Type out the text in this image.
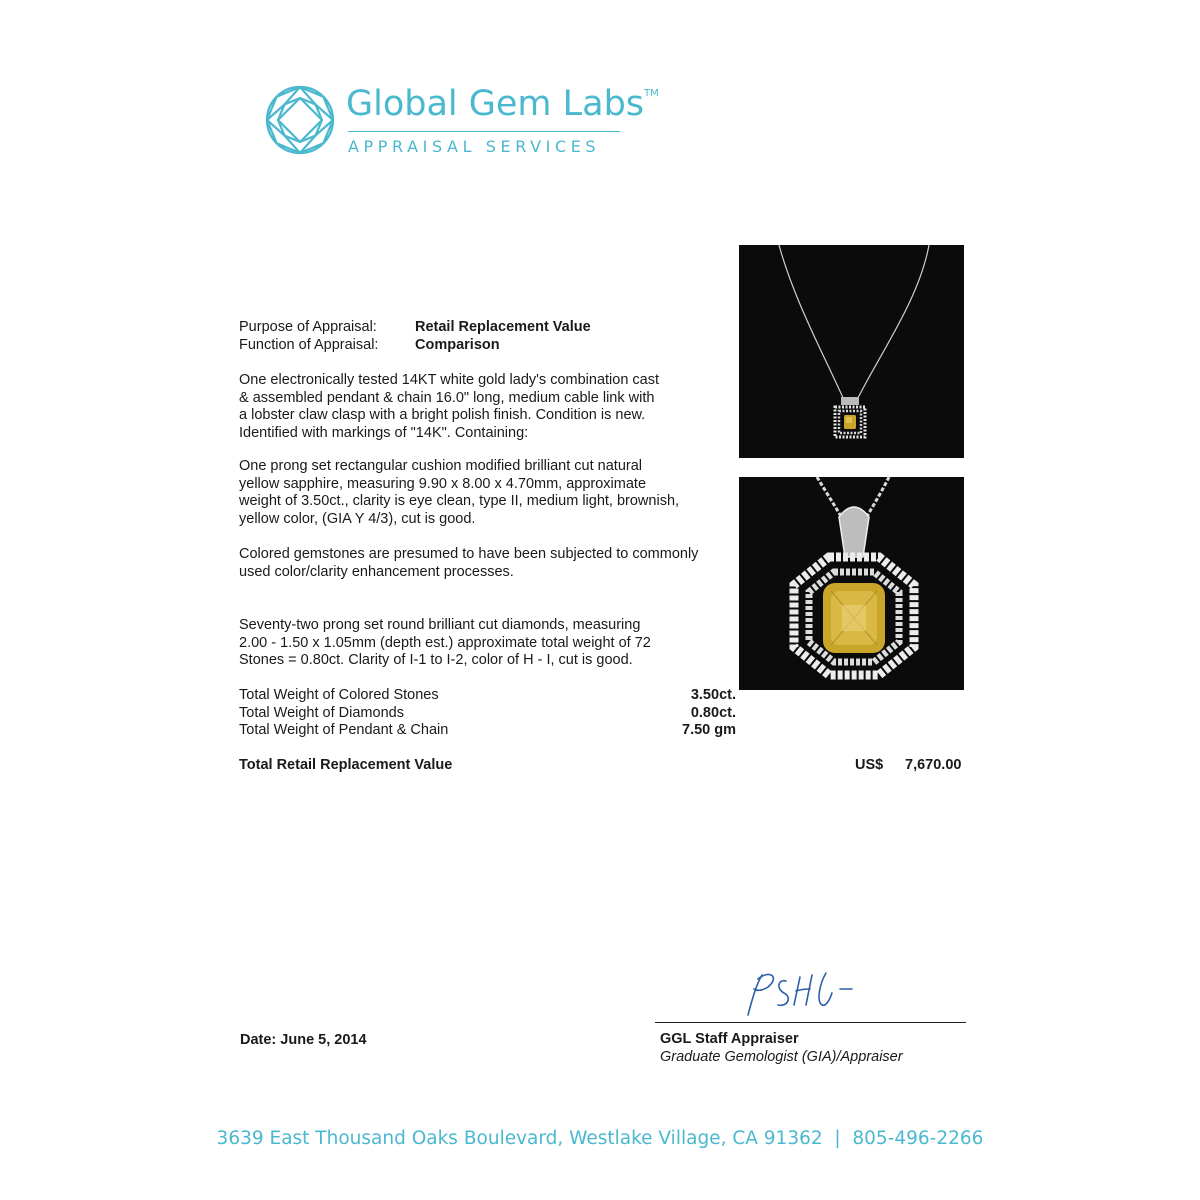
Global Gem Labs™
APPRAISAL SERVICES
Purpose of Appraisal:	Retail Replacement Value
Function of Appraisal:	Comparison
One electronically tested 14KT white gold lady's combination cast
& assembled pendant & chain 16.0" long, medium cable link with
a lobster claw clasp with a bright polish finish. Condition is new.
Identified with markings of "14K". Containing:
One prong set rectangular cushion modified brilliant cut natural
yellow sapphire, measuring 9.90 x 8.00 x 4.70mm, approximate
weight of 3.50ct., clarity is eye clean, type II, medium light, brownish,
yellow color, (GIA Y 4/3), cut is good.
Colored gemstones are presumed to have been subjected to commonly
used color/clarity enhancement processes.
Seventy-two prong set round brilliant cut diamonds, measuring
2.00 - 1.50 x 1.05mm (depth est.) approximate total weight of 72
Stones = 0.80ct. Clarity of I-1 to I-2, color of H - I, cut is good.
Total Weight of Colored Stones	3.50ct.
Total Weight of Diamonds	0.80ct.
Total Weight of Pendant & Chain	7.50 gm
Total Retail Replacement Value	US$ 7,670.00
Date: June 5, 2014	GGL Staff Appraiser
Graduate Gemologist (GIA)/Appraiser
3639 East Thousand Oaks Boulevard, Westlake Village, CA 91362  |  805-496-2266
